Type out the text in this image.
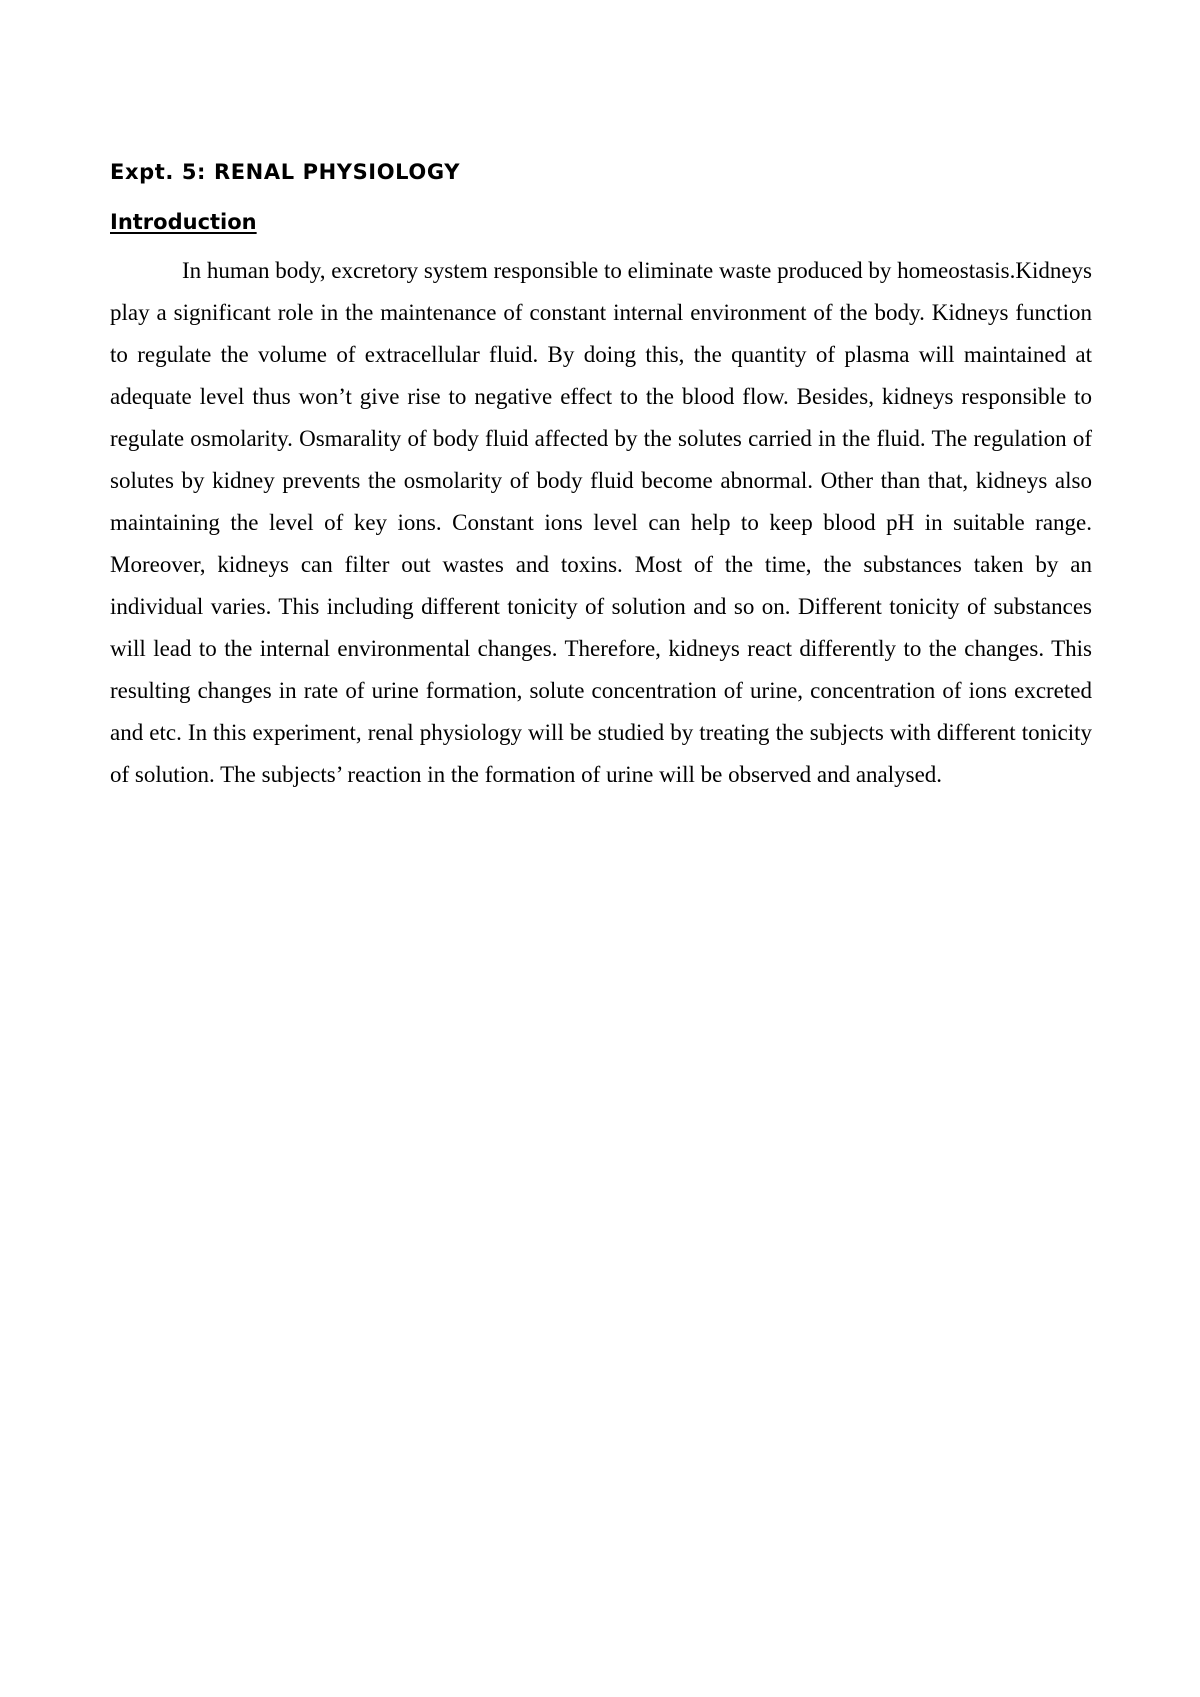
Expt. 5: RENAL PHYSIOLOGY
Introduction

In human body, excretory system responsible to eliminate waste produced by homeostasis.Kidneys play a significant role in the maintenance of constant internal environment of the body. Kidneys function to regulate the volume of extracellular fluid. By doing this, the quantity of plasma will maintained at adequate level thus won’t give rise to negative effect to the blood flow. Besides, kidneys responsible to regulate osmolarity. Osmarality of body fluid affected by the solutes carried in the fluid. The regulation of solutes by kidney prevents the osmolarity of body fluid become abnormal. Other than that, kidneys also maintaining the level of key ions. Constant ions level can help to keep blood pH in suitable range. Moreover, kidneys can filter out wastes and toxins. Most of the time, the substances taken by an individual varies. This including different tonicity of solution and so on. Different tonicity of substances will lead to the internal environmental changes. Therefore, kidneys react differently to the changes. This resulting changes in rate of urine formation, solute concentration of urine, concentration of ions excreted and etc. In this experiment, renal physiology will be studied by treating the subjects with different tonicity of solution. The subjects’ reaction in the formation of urine will be observed and analysed.
